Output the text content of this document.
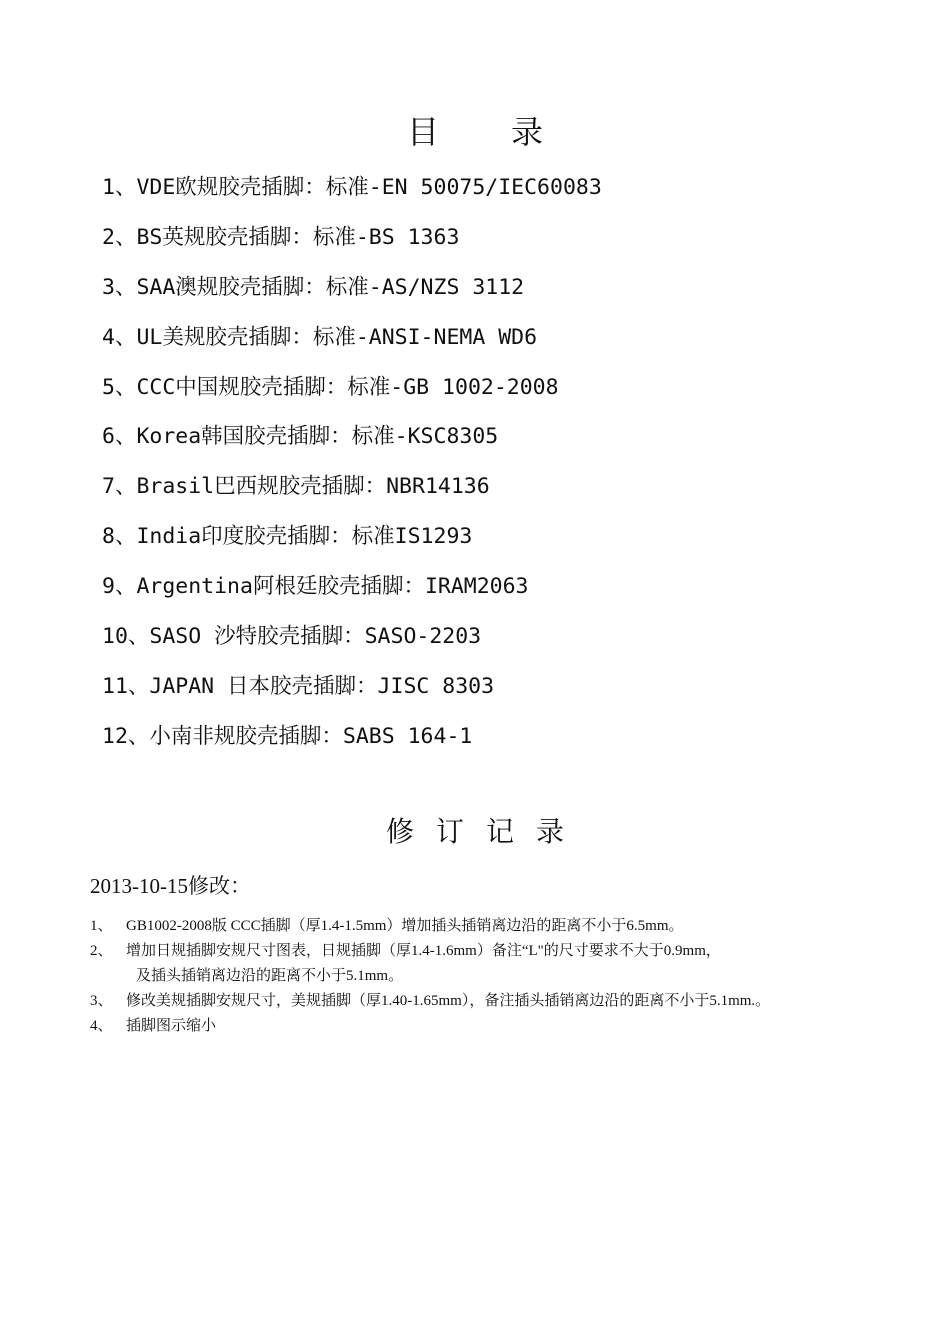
目录
1、VDE欧规胶壳插脚：标准-EN 50075/IEC60083
2、BS英规胶壳插脚：标准-BS 1363
3、SAA澳规胶壳插脚：标准-AS/NZS 3112
4、UL美规胶壳插脚：标准-ANSI-NEMA WD6
5、CCC中国规胶壳插脚：标准-GB 1002-2008
6、Korea韩国胶壳插脚：标准-KSC8305
7、Brasil巴西规胶壳插脚：NBR14136
8、India印度胶壳插脚：标准IS1293
9、Argentina阿根廷胶壳插脚：IRAM2063
10、SASO 沙特胶壳插脚：SASO-2203
11、JAPAN 日本胶壳插脚：JISC 8303
12、小南非规胶壳插脚：SABS 164-1
修订记录
2013-10-15修改：
1、 GB1002-2008版 CCC插脚（厚1.4-1.5mm）增加插头插销离边沿的距离不小于6.5mm。
2、 增加日规插脚安规尺寸图表，日规插脚（厚1.4-1.6mm）备注“L"的尺寸要求不大于0.9mm，
及插头插销离边沿的距离不小于5.1mm。
3、 修改美规插脚安规尺寸，美规插脚（厚1.40-1.65mm），备注插头插销离边沿的距离不小于5.1mm.。
4、 插脚图示缩小
